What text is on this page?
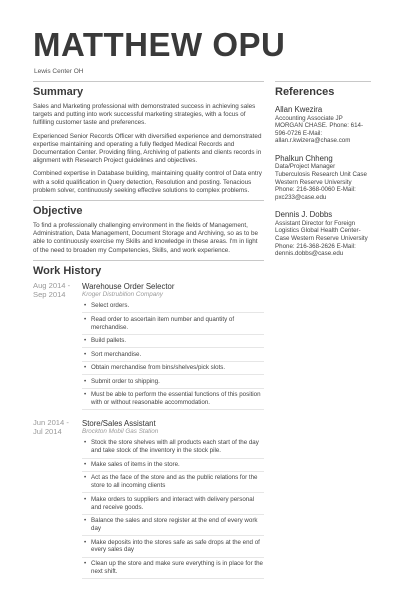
MATTHEW OPU
Lewis Center OH
Summary
Sales and Marketing professional with demonstrated success in achieving sales targets and putting into work successful marketing strategies, with a focus of fulfilling customer taste and preferences.
Experienced Senior Records Officer with diversified experience and demonstrated expertise maintaining and operating a fully fledged Medical Records and Documentation Center. Providing filing, Archiving of patients and clients records in alignment with Research Project guidelines and objectives.
Combined expertise in Database building, maintaining quality control of Data entry with a solid qualification in Query detection, Resolution and posting. Tenacious problem solver, continuously seeking effective solutions to complex problems.
Objective
To find a professionally challenging environment in the fields of Management, Administration, Data Management, Document Storage and Archiving, so as to be able to continuously exercise my Skills and knowledge in these areas. I'm in light of the need to broaden my Competencies, Skills, and work experience.
Work History
Aug 2014 - Sep 2014
Warehouse Order Selector
Kroger Distrubition Company
• Select orders.
• Read order to ascertain item number and quantity of merchandise.
• Build pallets.
• Sort merchandise.
• Obtain merchandise from bins/shelves/pick slots.
• Submit order to shipping.
• Must be able to perform the essential functions of this position with or without reasonable accommodation.
Jun 2014 - Jul 2014
Store/Sales Assistant
Brockton Mobil Gas Station
• Stock the store shelves with all products each start of the day and take stock of the inventory in the stock pile.
• Make sales of items in the store.
• Act as the face of the store and as the public relations for the store to all incoming clients
• Make orders to suppliers and interact with delivery personal and receive goods.
• Balance the sales and store register at the end of every work day
• Make deposits into the stores safe as safe drops at the end of every sales day
• Clean up the store and make sure everything is in place for the next shift.
References
Allan Kwezira
Accounting Associate JP MORGAN CHASE. Phone: 614-596-0726 E-Mail: allan.r.kwizera@chase.com
Phalkun Chheng
Data/Project Manager Tuberculosis Research Unit Case Western Reserve University Phone: 216-368-0060 E-Mail: pxc233@case.edu
Dennis J. Dobbs
Assistant Director for Foreign Logistics Global Health Center- Case Western Reserve University Phone: 216-368-2626 E-Mail: dennis.dobbs@case.edu
